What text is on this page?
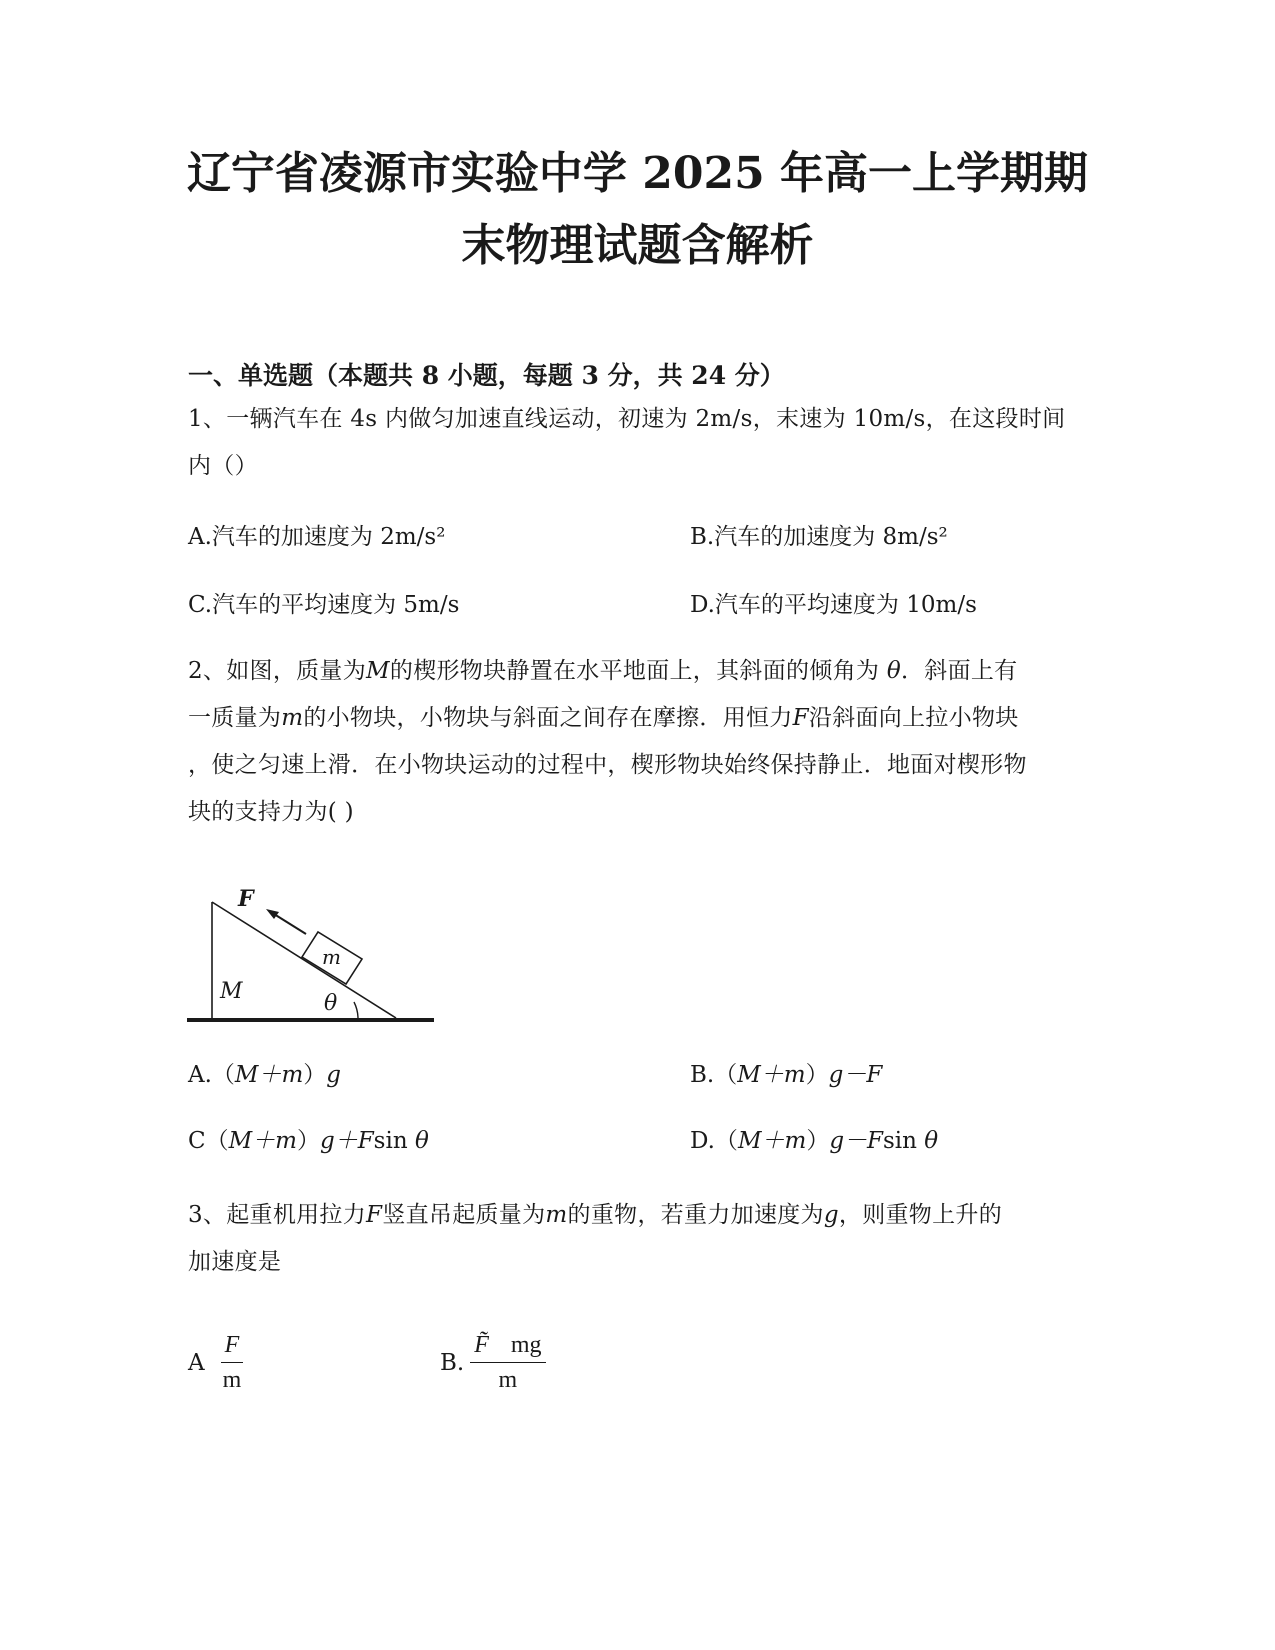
辽宁省凌源市实验中学 2025 年高一上学期期
末物理试题含解析
一、单选题（本题共 8 小题，每题 3 分，共 24 分）
1、一辆汽车在 4s 内做匀加速直线运动，初速为 2m/s，末速为 10m/s，在这段时间
内（）
A.汽车的加速度为 2m/s²	B.汽车的加速度为 8m/s²
C.汽车的平均速度为 5m/s	D.汽车的平均速度为 10m/s
2、如图，质量为M的楔形物块静置在水平地面上，其斜面的倾角为 θ．斜面上有
一质量为m的小物块，小物块与斜面之间存在摩擦．用恒力F沿斜面向上拉小物块
，使之匀速上滑．在小物块运动的过程中，楔形物块始终保持静止．地面对楔形物
块的支持力为( )
F
m
M	θ
A.（M＋m）g	B.（M＋m）g－F
C（M＋m）g＋Fsin θ	D.（M＋m）g－Fsin θ
3、起重机用拉力F竖直吊起质量为m的重物，若重力加速度为g，则重物上升的
加速度是
A $\frac{F}{m}$	B. $\frac{F̃ mg}{m}$
